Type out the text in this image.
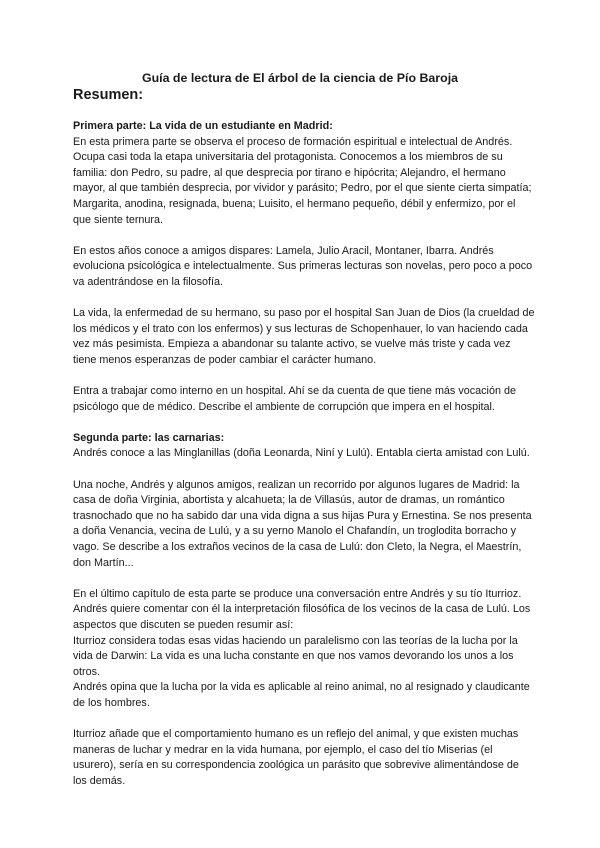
Guía de lectura de El árbol de la ciencia de Pío Baroja
Resumen:

Primera parte: La vida de un estudiante en Madrid:

En esta primera parte se observa el proceso de formación espiritual e intelectual de Andrés. Ocupa casi toda la etapa universitaria del protagonista. Conocemos a los miembros de su familia: don Pedro, su padre, al que desprecia por tirano e hipócrita; Alejandro, el hermano mayor, al que también desprecia, por vividor y parásito; Pedro, por el que siente cierta simpatía; Margarita, anodina, resignada, buena; Luisito, el hermano pequeño, débil y enfermizo, por el que siente ternura.

En estos años conoce a amigos dispares: Lamela, Julio Aracil, Montaner, Ibarra. Andrés evoluciona psicológica e intelectualmente. Sus primeras lecturas son novelas, pero poco a poco va adentrándose en la filosofía.

La vida, la enfermedad de su hermano, su paso por el hospital San Juan de Dios (la crueldad de los médicos y el trato con los enfermos) y sus lecturas de Schopenhauer, lo van haciendo cada vez más pesimista. Empieza a abandonar su talante activo, se vuelve más triste y cada vez tiene menos esperanzas de poder cambiar el carácter humano.

Entra a trabajar como interno en un hospital. Ahí se da cuenta de que tiene más vocación de psicólogo que de médico. Describe el ambiente de corrupción que impera en el hospital.

Segunda parte: las carnarias:

Andrés conoce a las Minglanillas (doña Leonarda, Niní y Lulú). Entabla cierta amistad con Lulú.

Una noche, Andrés y algunos amigos, realizan un recorrido por algunos lugares de Madrid: la casa de doña Virginia, abortista y alcahueta; la de Villasús, autor de dramas, un romántico trasnochado que no ha sabido dar una vida digna a sus hijas Pura y Ernestina. Se nos presenta a doña Venancia, vecina de Lulú, y a su yerno Manolo el Chafandín, un troglodita borracho y vago. Se describe a los extraños vecinos de la casa de Lulú: don Cleto, la Negra, el Maestrín, don Martín...

En el último capítulo de esta parte se produce una conversación entre Andrés y su tío Iturrioz. Andrés quiere comentar con él la interpretación filosófica de los vecinos de la casa de Lulú. Los aspectos que discuten se pueden resumir así:

Iturrioz considera todas esas vidas haciendo un paralelismo con las teorías de la lucha por la vida de Darwin: La vida es una lucha constante en que nos vamos devorando los unos a los otros.

Andrés opina que la lucha por la vida es aplicable al reino animal, no al resignado y claudicante de los hombres.

Iturrioz añade que el comportamiento humano es un reflejo del animal, y que existen muchas maneras de luchar y medrar en la vida humana, por ejemplo, el caso del tío Miserias (el usurero), sería en su correspondencia zoológica un parásito que sobrevive alimentándose de los demás.
